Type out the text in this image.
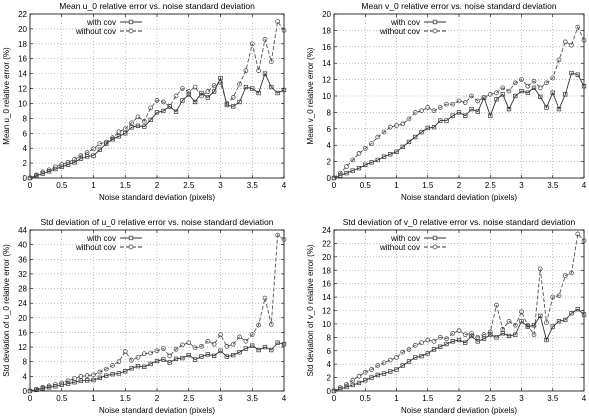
0	0.5	1	1.5	2	2.5	3	3.5	4
0
2
4
6
8
10
12
14
16
18
20
22
Mean u_0 relative error vs. noise standard deviation
Noise standard deviation (pixels)
Mean u_0 relative error (%)
with cov
without cov
0	0.5	1	1.5	2	2.5	3	3.5	4
0
2
4
6
8
10
12
14
16
18
20
Mean v_0 relative error vs. noise standard deviation
Noise standard deviation (pixels)
Mean v_0 relative error (%)
with cov
without cov
0	0.5	1	1.5	2	2.5	3	3.5	4
0
4
8
12
16
20
24
28
32
36
40
44
Std deviation of u_0 relative error vs. noise standard deviation
Noise standard deviation (pixels)
Std deviation of u_0 relative error (%)
with cov
without cov
0	0.5	1	1.5	2	2.5	3	3.5	4
0
2
4
6
8
10
12
14
16
18
20
22
24
Std deviation of v_0 relative error vs. noise standard deviation
Noise standard deviation (pixels)
Std deviation of v_0 relative error (%)
with cov
without cov
